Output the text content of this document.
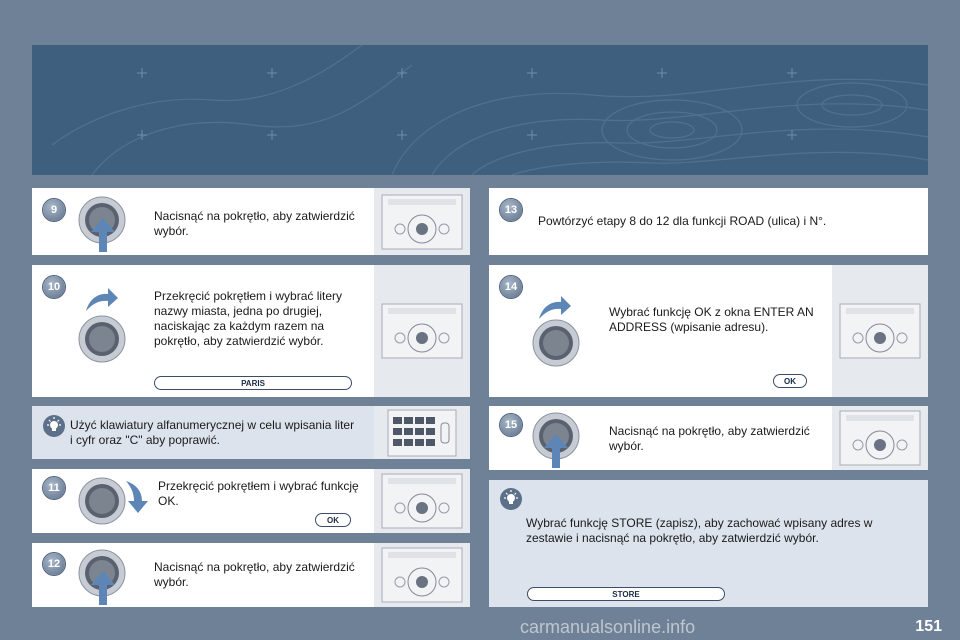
9	Nacisnąć na pokrętło, aby zatwierdzić wybór.
10
Przekręcić pokrętłem i wybrać litery nazwy miasta, jedna po drugiej, naciskając za każdym razem na pokrętło, aby zatwierdzić wybór.
PARIS
Użyć klawiatury alfanumerycznej w celu wpisania liter i cyfr oraz "C" aby poprawić.
11	Przekręcić pokrętłem i wybrać funkcję OK.
OK
12	Nacisnąć na pokrętło, aby zatwierdzić wybór.
13
Powtórzyć etapy 8 do 12 dla funkcji ROAD (ulica) i N°.
14
Wybrać funkcję OK z okna ENTER AN ADDRESS (wpisanie adresu).
OK
15	Nacisnąć na pokrętło, aby zatwierdzić wybór.
Wybrać funkcję STORE (zapisz), aby zachować wpisany adres w zestawie i nacisnąć na pokrętło, aby zatwierdzić wybór.
STORE
carmanualsonline.info	151
